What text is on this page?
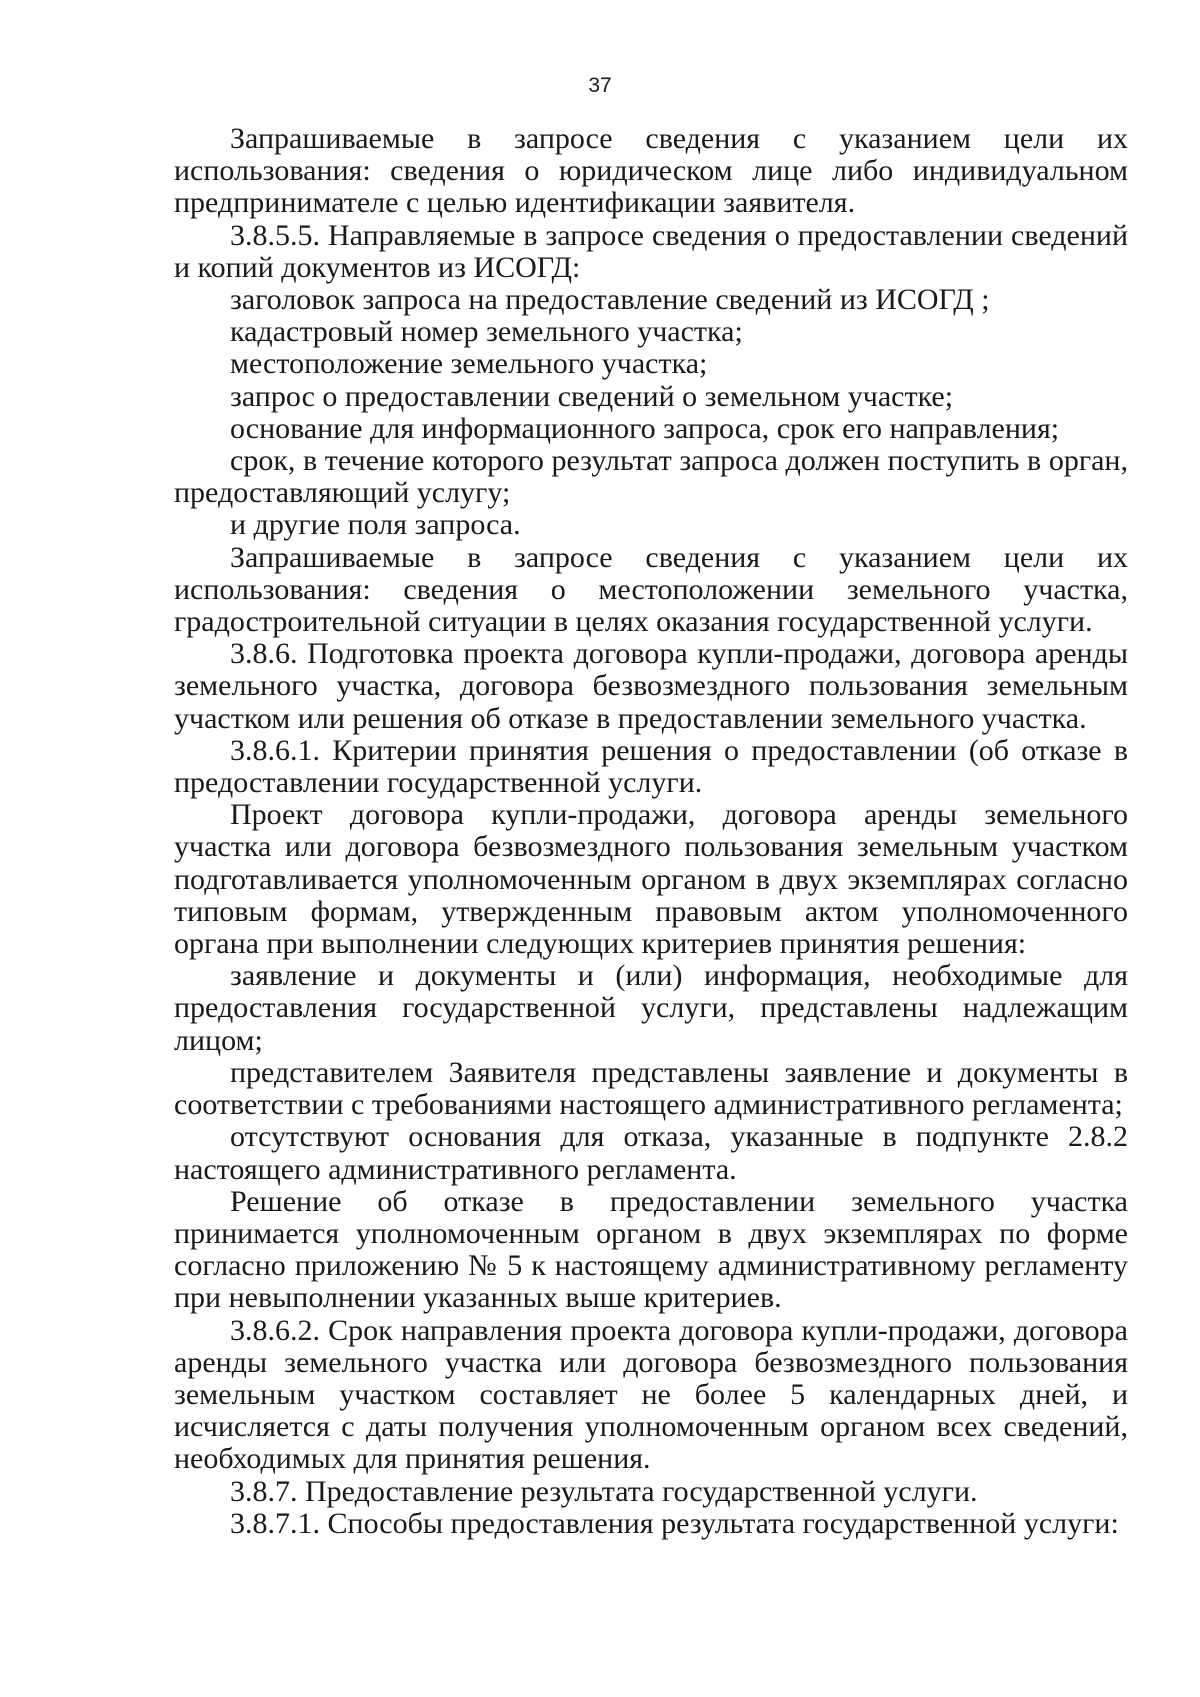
37

Запрашиваемые в запросе сведения с указанием цели их использования: сведения о юридическом лице либо индивидуальном предпринимателе с целью идентификации заявителя.

3.8.5.5. Направляемые в запросе сведения о предоставлении сведений и копий документов из ИСОГД:

заголовок запроса на предоставление сведений из ИСОГД ;

кадастровый номер земельного участка;

местоположение земельного участка;

запрос о предоставлении сведений о земельном участке;

основание для информационного запроса, срок его направления;

срок, в течение которого результат запроса должен поступить в орган, предоставляющий услугу;

и другие поля запроса.

Запрашиваемые в запросе сведения с указанием цели их использования: сведения о местоположении земельного участка, градостроительной ситуации в целях оказания государственной услуги.

3.8.6. Подготовка проекта договора купли-продажи, договора аренды земельного участка, договора безвозмездного пользования земельным участком или решения об отказе в предоставлении земельного участка.

3.8.6.1. Критерии принятия решения о предоставлении (об отказе в предоставлении государственной услуги.

Проект договора купли-продажи, договора аренды земельного участка или договора безвозмездного пользования земельным участком подготавливается уполномоченным органом в двух экземплярах согласно типовым формам, утвержденным правовым актом уполномоченного органа при выполнении следующих критериев принятия решения:

заявление и документы и (или) информация, необходимые для предоставления государственной услуги, представлены надлежащим лицом;

представителем Заявителя представлены заявление и документы в соответствии с требованиями настоящего административного регламента;

отсутствуют основания для отказа, указанные в подпункте 2.8.2 настоящего административного регламента.

Решение об отказе в предоставлении земельного участка принимается уполномоченным органом в двух экземплярах по форме согласно приложению № 5 к настоящему административному регламенту при невыполнении указанных выше критериев.

3.8.6.2. Срок направления проекта договора купли-продажи, договора аренды земельного участка или договора безвозмездного пользования земельным участком составляет не более 5 календарных дней, и исчисляется с даты получения уполномоченным органом всех сведений, необходимых для принятия решения.

3.8.7. Предоставление результата государственной услуги.

3.8.7.1. Способы предоставления результата государственной услуги:
